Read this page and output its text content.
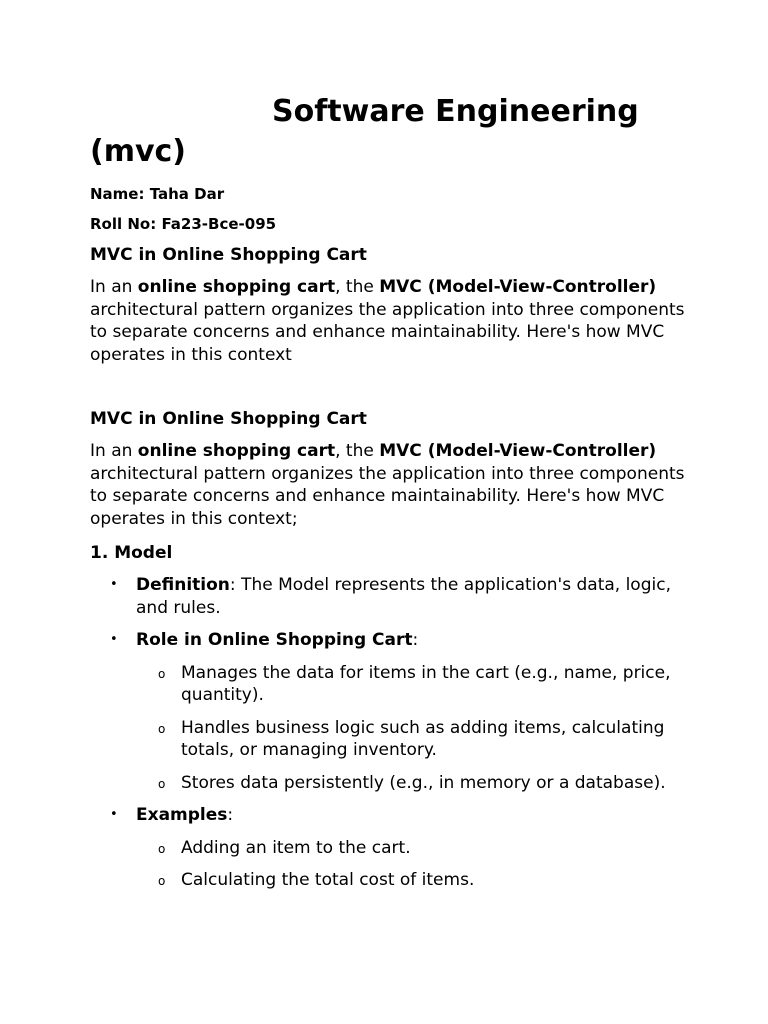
Software Engineering
(mvc)

Name: Taha Dar

Roll No: Fa23-Bce-095

MVC in Online Shopping Cart

In an online shopping cart, the MVC (Model-View-Controller) architectural pattern organizes the application into three components to separate concerns and enhance maintainability. Here's how MVC operates in this context

MVC in Online Shopping Cart

In an online shopping cart, the MVC (Model-View-Controller) architectural pattern organizes the application into three components to separate concerns and enhance maintainability. Here's how MVC operates in this context;

1. Model
• Definition: The Model represents the application's data, logic, and rules.
• Role in Online Shopping Cart:
o Manages the data for items in the cart (e.g., name, price, quantity).
o Handles business logic such as adding items, calculating totals, or managing inventory.
o Stores data persistently (e.g., in memory or a database).
• Examples:
o Adding an item to the cart.
o Calculating the total cost of items.
